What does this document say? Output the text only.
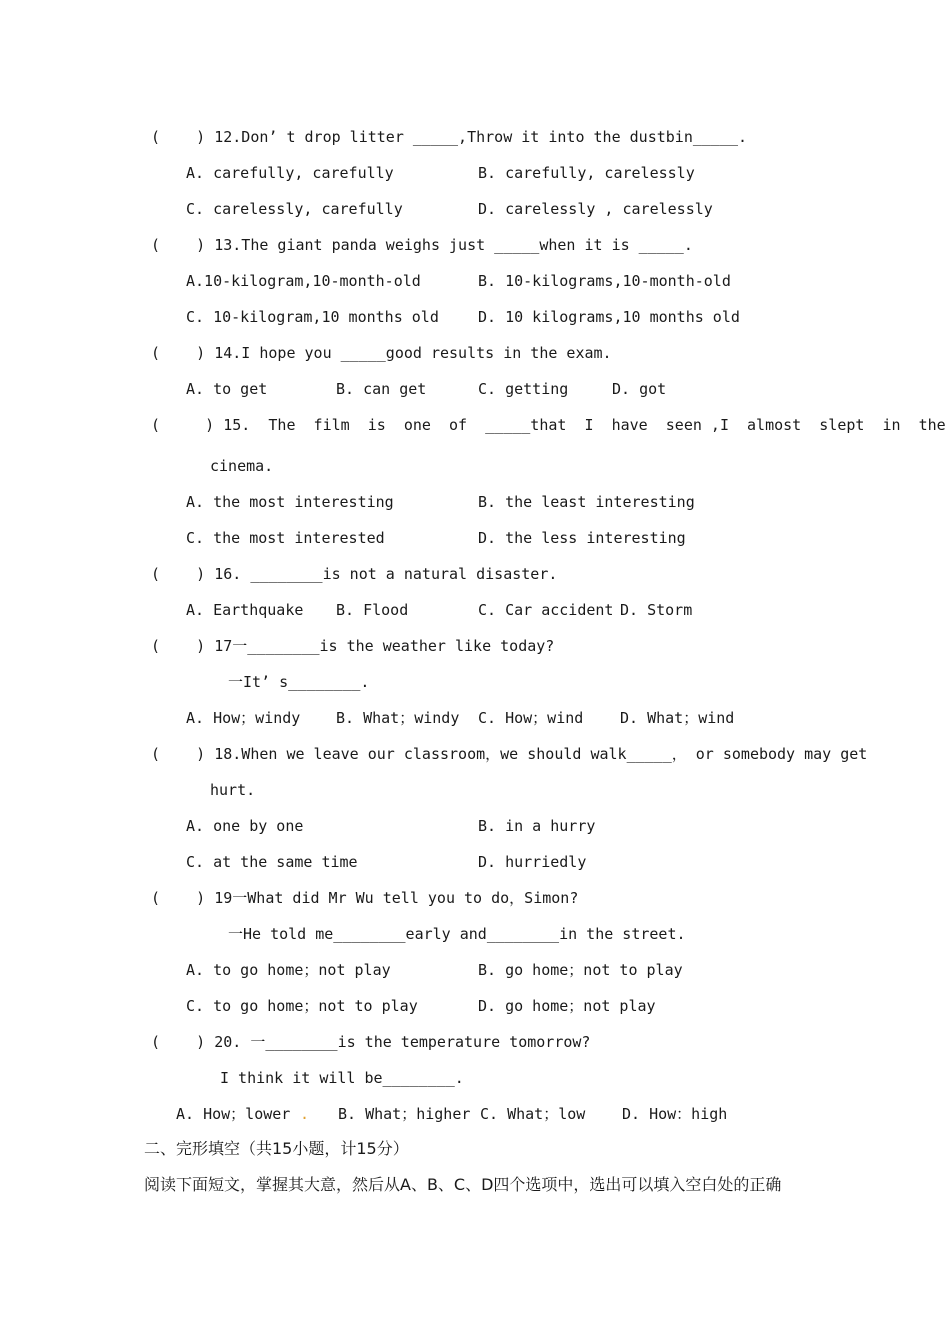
(    ) 12.Don’ t drop litter _____,Throw it into the dustbin_____.
A. carefully, carefully	B. carefully, carelessly
C. carelessly, carefully	D. carelessly , carelessly
(    ) 13.The giant panda weighs just _____when it is _____.
A.10-kilogram,10-month-old	B. 10-kilograms,10-month-old
C. 10-kilogram,10 months old	D. 10 kilograms,10 months old
(    ) 14.I hope you _____good results in the exam.
A. to get	B. can get	C. getting	D. got
(     ) 15.  The  film  is  one  of  _____that  I  have  seen ,I  almost  slept  in  the
cinema.
A. the most interesting	B. the least interesting
C. the most interested	D. the less interesting
(    ) 16. ________is not a natural disaster.
A. Earthquake B. Flood	C. Car accident D. Storm
(    ) 17一________is the weather like today?
一It’ s________.
A. How；windy B. What；windy C. How；wind D. What；wind
(    ) 18.When we leave our classroom，we should walk_____， or somebody may get
hurt.
A. one by one	B. in a hurry
C. at the same time	D. hurriedly
(    ) 19一What did Mr Wu tell you to do，Simon?
一He told me________early and________in the street.
A. to go home；not play	B. go home；not to play
C. to go home；not to play	D. go home；not play
(    ) 20. 一________is the temperature tomorrow?
I think it will be________.
A. How；lower . B. What；higher C. What；low D. How：high
二、完形填空（共15小题，计15分）
阅读下面短文，掌握其大意，然后从A、B、C、D四个选项中，选出可以填入空白处的正确
